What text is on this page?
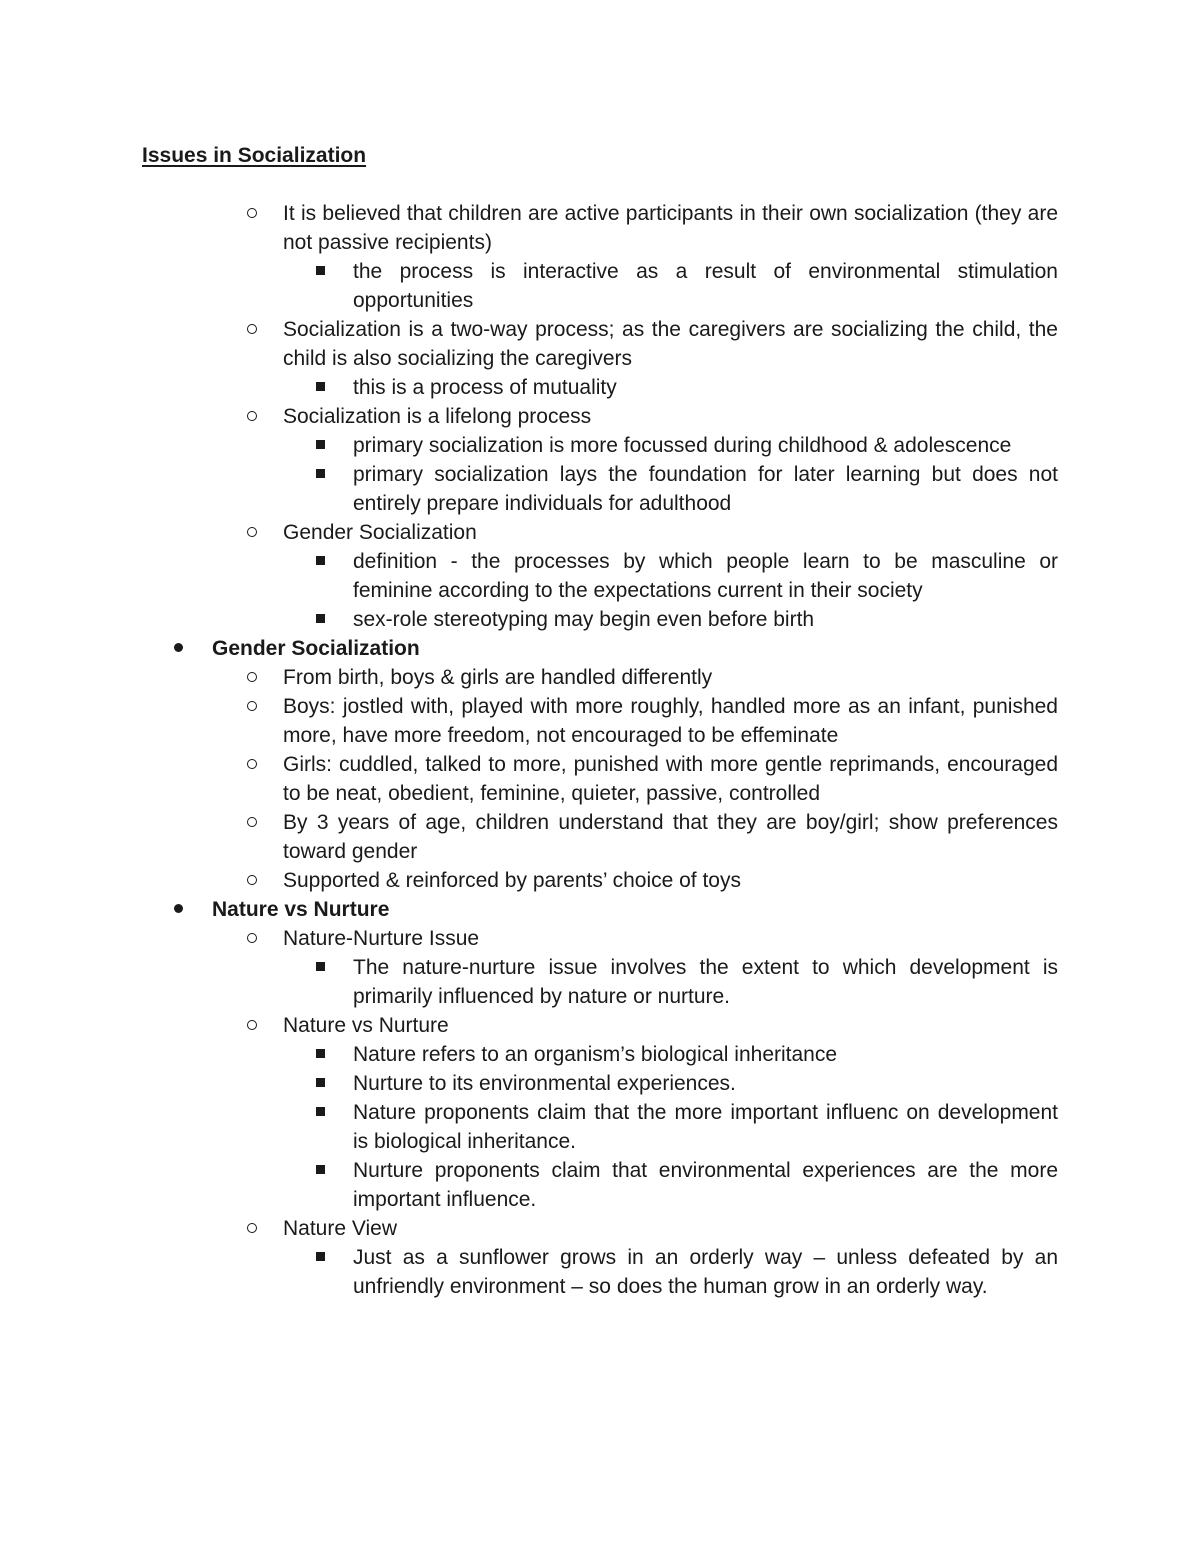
Issues in Socialization

It is believed that children are active participants in their own socialization (they are not passive recipients)

the process is interactive as a result of environmental stimulation opportunities

Socialization is a two-way process; as the caregivers are socializing the child, the child is also socializing the caregivers

this is a process of mutuality

Socialization is a lifelong process

primary socialization is more focussed during childhood & adolescence

primary socialization lays the foundation for later learning but does not entirely prepare individuals for adulthood

Gender Socialization

definition - the processes by which people learn to be masculine or feminine according to the expectations current in their society

sex-role stereotyping may begin even before birth

Gender Socialization

From birth, boys & girls are handled differently

Boys: jostled with, played with more roughly, handled more as an infant, punished more, have more freedom, not encouraged to be effeminate

Girls: cuddled, talked to more, punished with more gentle reprimands, encouraged to be neat, obedient, feminine, quieter, passive, controlled

By 3 years of age, children understand that they are boy/girl; show preferences toward gender

Supported & reinforced by parents’ choice of toys

Nature vs Nurture

Nature-Nurture Issue

The nature-nurture issue involves the extent to which development is primarily influenced by nature or nurture.

Nature vs Nurture

Nature refers to an organism’s biological inheritance

Nurture to its environmental experiences.

Nature proponents claim that the more important influenc on development is biological inheritance.

Nurture proponents claim that environmental experiences are the more important influence.

Nature View

Just as a sunflower grows in an orderly way – unless defeated by an unfriendly environment – so does the human grow in an orderly way.
